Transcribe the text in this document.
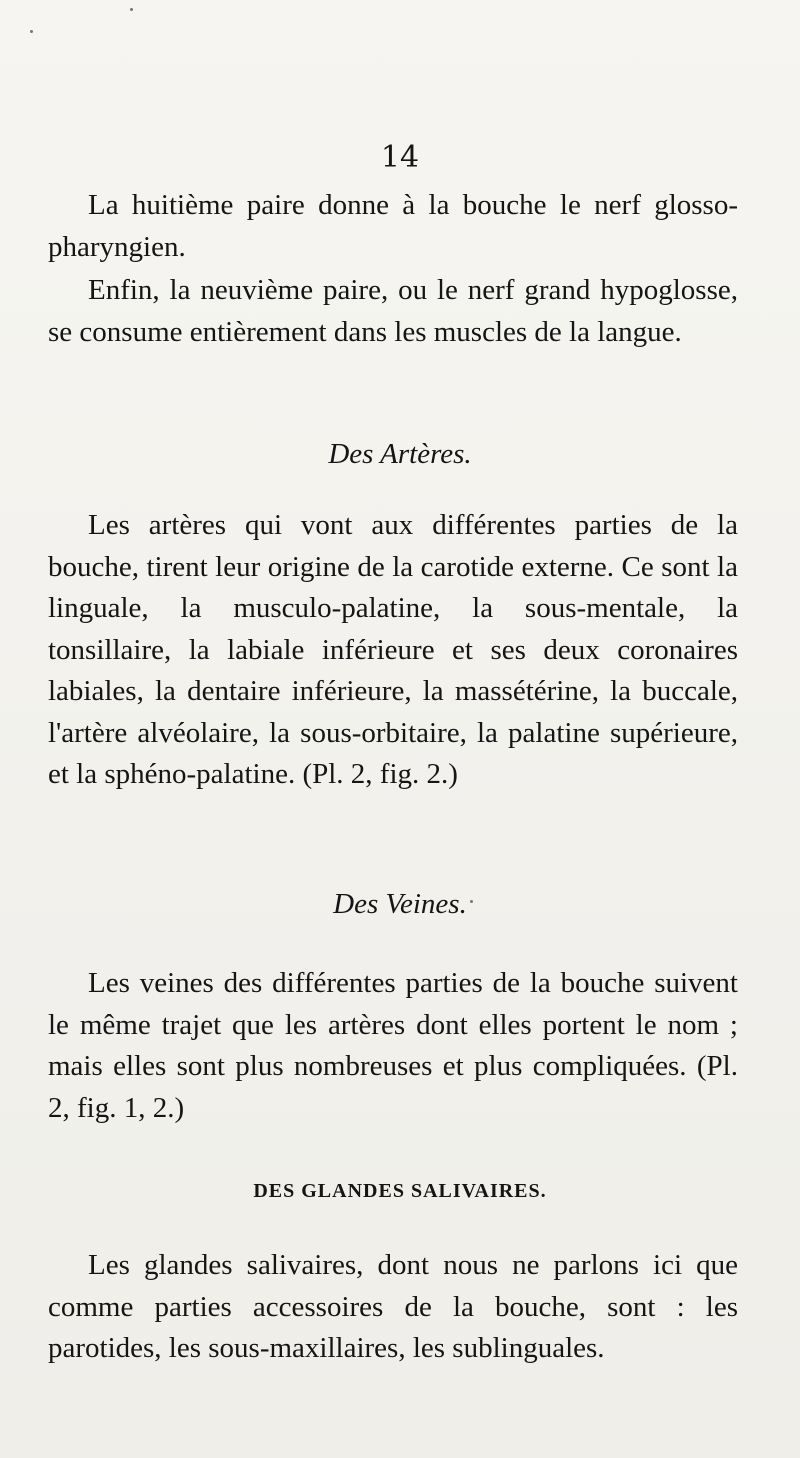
14

La huitième paire donne à la bouche le nerf glosso-pharyngien.

Enfin, la neuvième paire, ou le nerf grand hypoglosse, se consume entièrement dans les muscles de la langue.

Des Artères.

Les artères qui vont aux différentes parties de la bouche, tirent leur origine de la carotide externe. Ce sont la linguale, la musculo-palatine, la sous-mentale, la tonsillaire, la labiale inférieure et ses deux coronaires labiales, la dentaire inférieure, la massétérine, la buccale, l'artère alvéolaire, la sous-orbitaire, la palatine supérieure, et la sphéno-palatine. (Pl. 2, fig. 2.)

Des Veines.

Les veines des différentes parties de la bouche suivent le même trajet que les artères dont elles portent le nom ; mais elles sont plus nombreuses et plus compliquées. (Pl. 2, fig. 1, 2.)

DES GLANDES SALIVAIRES.

Les glandes salivaires, dont nous ne parlons ici que comme parties accessoires de la bouche, sont : les parotides, les sous-maxillaires, les sublinguales.
